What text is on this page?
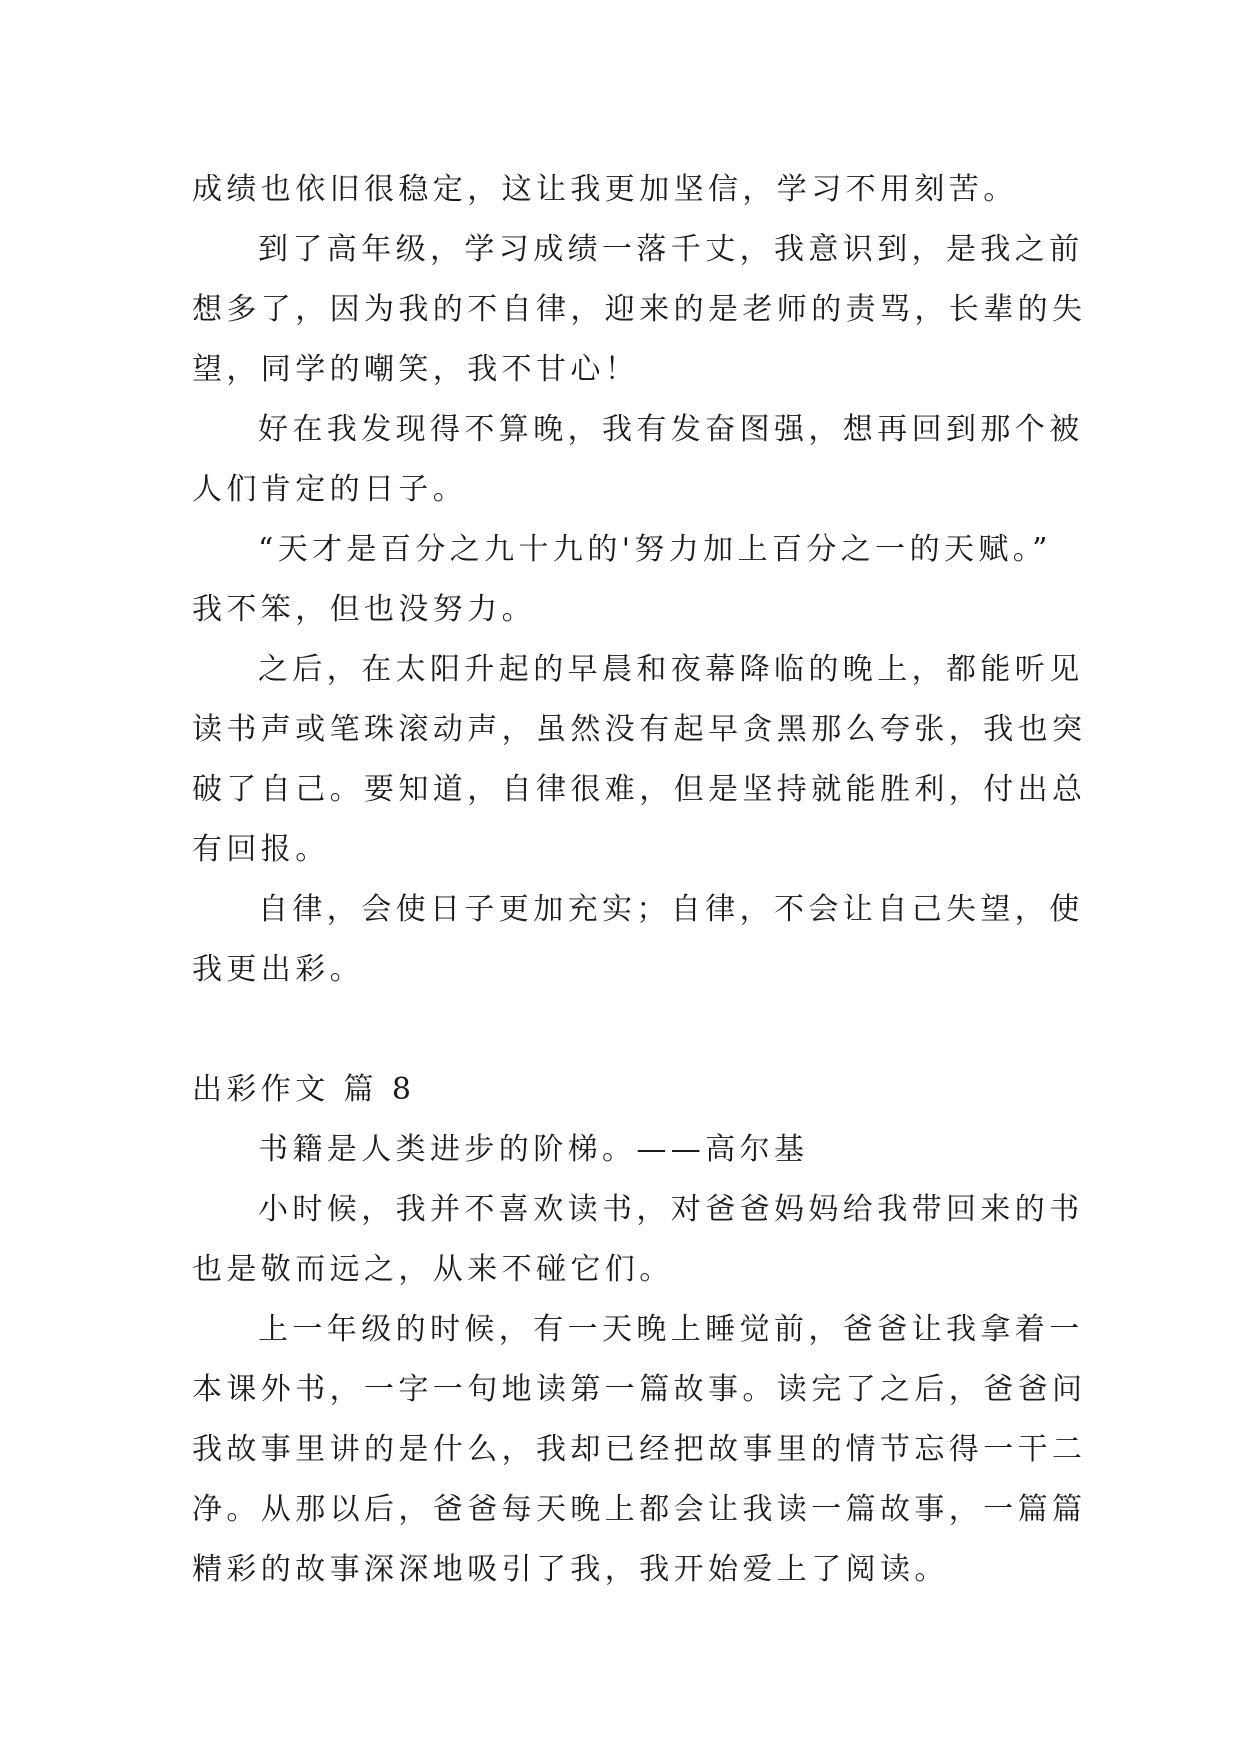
成绩也依旧很稳定，这让我更加坚信，学习不用刻苦。
到了高年级，学习成绩一落千丈，我意识到，是我之前
想多了，因为我的不自律，迎来的是老师的责骂，长辈的失
望，同学的嘲笑，我不甘心！
好在我发现得不算晚，我有发奋图强，想再回到那个被
人们肯定的日子。
“天才是百分之九十九的'努力加上百分之一的天赋。”
我不笨，但也没努力。
之后，在太阳升起的早晨和夜幕降临的晚上，都能听见
读书声或笔珠滚动声，虽然没有起早贪黑那么夸张，我也突
破了自己。要知道，自律很难，但是坚持就能胜利，付出总
有回报。
自律，会使日子更加充实；自律，不会让自己失望，使
我更出彩。
出彩作文 篇 8
书籍是人类进步的阶梯。——高尔基
小时候，我并不喜欢读书，对爸爸妈妈给我带回来的书
也是敬而远之，从来不碰它们。
上一年级的时候，有一天晚上睡觉前，爸爸让我拿着一
本课外书，一字一句地读第一篇故事。读完了之后，爸爸问
我故事里讲的是什么，我却已经把故事里的情节忘得一干二
净。从那以后，爸爸每天晚上都会让我读一篇故事，一篇篇
精彩的故事深深地吸引了我，我开始爱上了阅读。
